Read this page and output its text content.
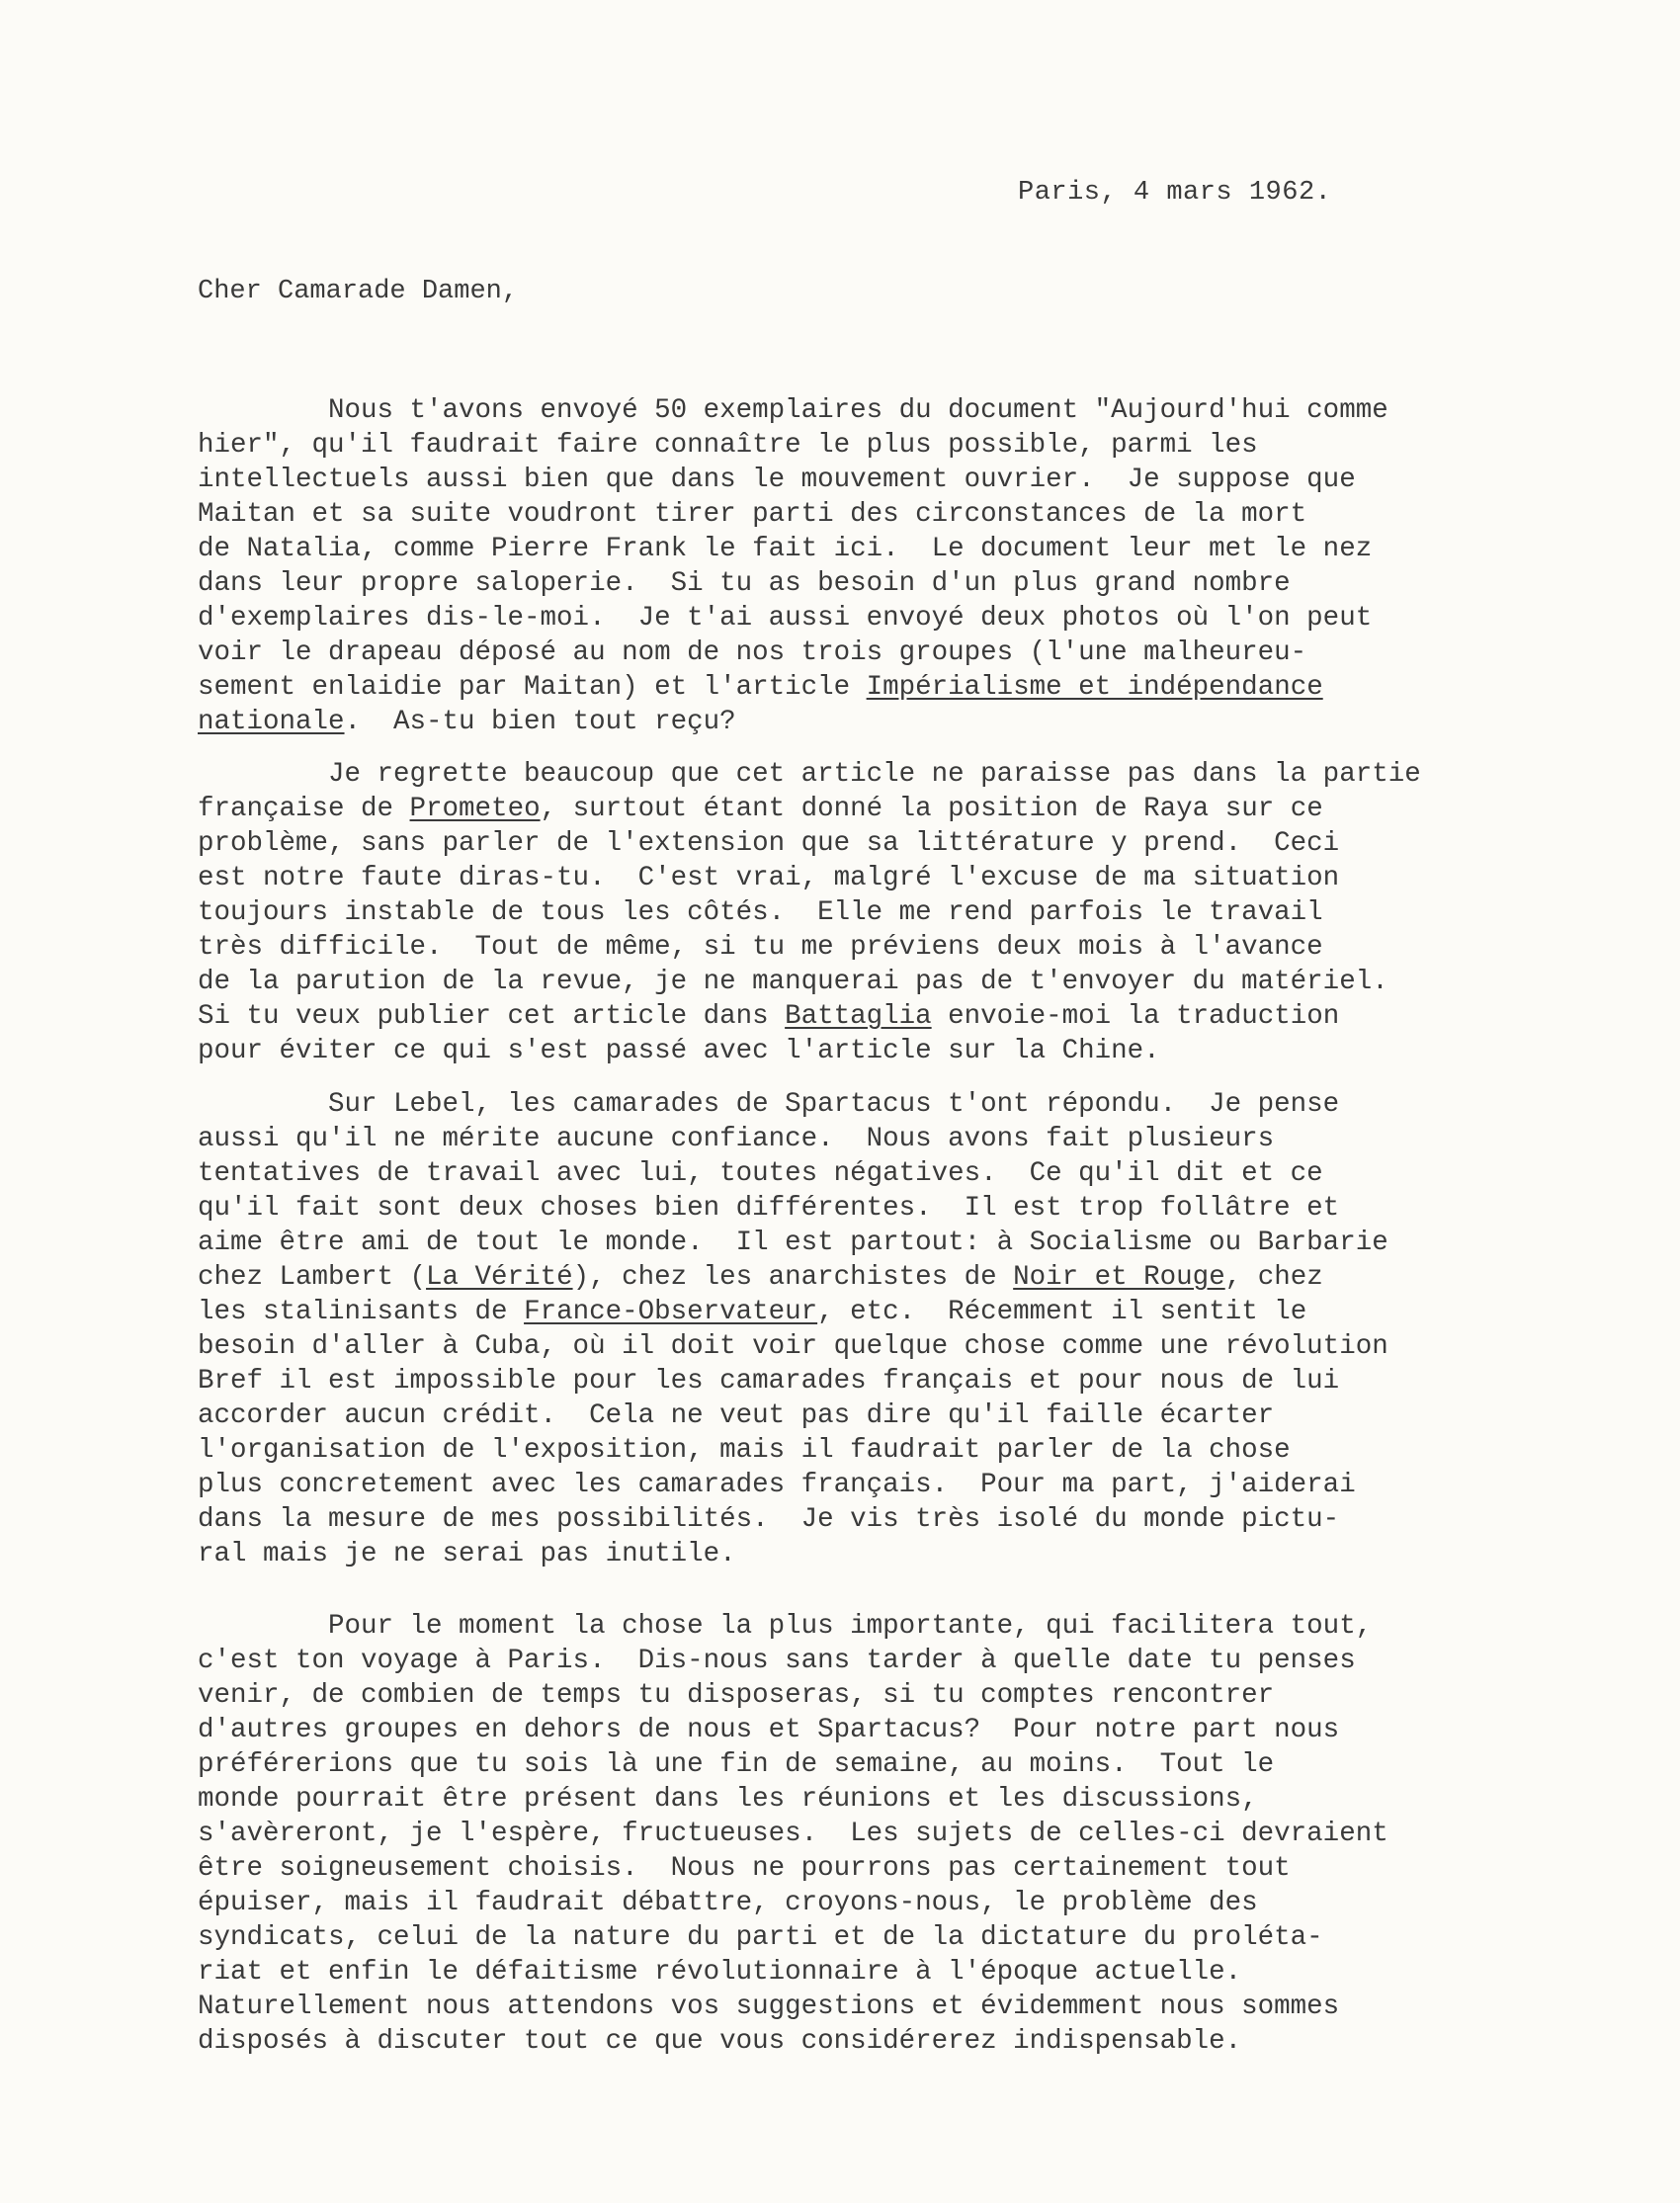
Paris, 4 mars 1962.
Cher Camarade Damen,
Nous t'avons envoyé 50 exemplaires du document "Aujourd'hui comme
hier", qu'il faudrait faire connaître le plus possible, parmi les
intellectuels aussi bien que dans le mouvement ouvrier.  Je suppose que
Maitan et sa suite voudront tirer parti des circonstances de la mort
de Natalia, comme Pierre Frank le fait ici.  Le document leur met le nez
dans leur propre saloperie.  Si tu as besoin d'un plus grand nombre
d'exemplaires dis-le-moi.  Je t'ai aussi envoyé deux photos où l'on peut
voir le drapeau déposé au nom de nos trois groupes (l'une malheureu-
sement enlaidie par Maitan) et l'article Impérialisme et indépendance
nationale.  As-tu bien tout reçu?
Je regrette beaucoup que cet article ne paraisse pas dans la partie
française de Prometeo, surtout étant donné la position de Raya sur ce
problème, sans parler de l'extension que sa littérature y prend.  Ceci
est notre faute diras-tu.  C'est vrai, malgré l'excuse de ma situation
toujours instable de tous les côtés.  Elle me rend parfois le travail
très difficile.  Tout de même, si tu me préviens deux mois à l'avance
de la parution de la revue, je ne manquerai pas de t'envoyer du matériel.
Si tu veux publier cet article dans Battaglia envoie-moi la traduction
pour éviter ce qui s'est passé avec l'article sur la Chine.
Sur Lebel, les camarades de Spartacus t'ont répondu.  Je pense
aussi qu'il ne mérite aucune confiance.  Nous avons fait plusieurs
tentatives de travail avec lui, toutes négatives.  Ce qu'il dit et ce
qu'il fait sont deux choses bien différentes.  Il est trop follâtre et
aime être ami de tout le monde.  Il est partout: à Socialisme ou Barbarie
chez Lambert (La Vérité), chez les anarchistes de Noir et Rouge, chez
les stalinisants de France-Observateur, etc.  Récemment il sentit le
besoin d'aller à Cuba, où il doit voir quelque chose comme une révolution
Bref il est impossible pour les camarades français et pour nous de lui
accorder aucun crédit.  Cela ne veut pas dire qu'il faille écarter
l'organisation de l'exposition, mais il faudrait parler de la chose
plus concretement avec les camarades français.  Pour ma part, j'aiderai
dans la mesure de mes possibilités.  Je vis très isolé du monde pictu-
ral mais je ne serai pas inutile.
Pour le moment la chose la plus importante, qui facilitera tout,
c'est ton voyage à Paris.  Dis-nous sans tarder à quelle date tu penses
venir, de combien de temps tu disposeras, si tu comptes rencontrer
d'autres groupes en dehors de nous et Spartacus?  Pour notre part nous
préférerions que tu sois là une fin de semaine, au moins.  Tout le
monde pourrait être présent dans les réunions et les discussions,
s'avèreront, je l'espère, fructueuses.  Les sujets de celles-ci devraient
être soigneusement choisis.  Nous ne pourrons pas certainement tout
épuiser, mais il faudrait débattre, croyons-nous, le problème des
syndicats, celui de la nature du parti et de la dictature du proléta-
riat et enfin le défaitisme révolutionnaire à l'époque actuelle.
Naturellement nous attendons vos suggestions et évidemment nous sommes
disposés à discuter tout ce que vous considérerez indispensable.
